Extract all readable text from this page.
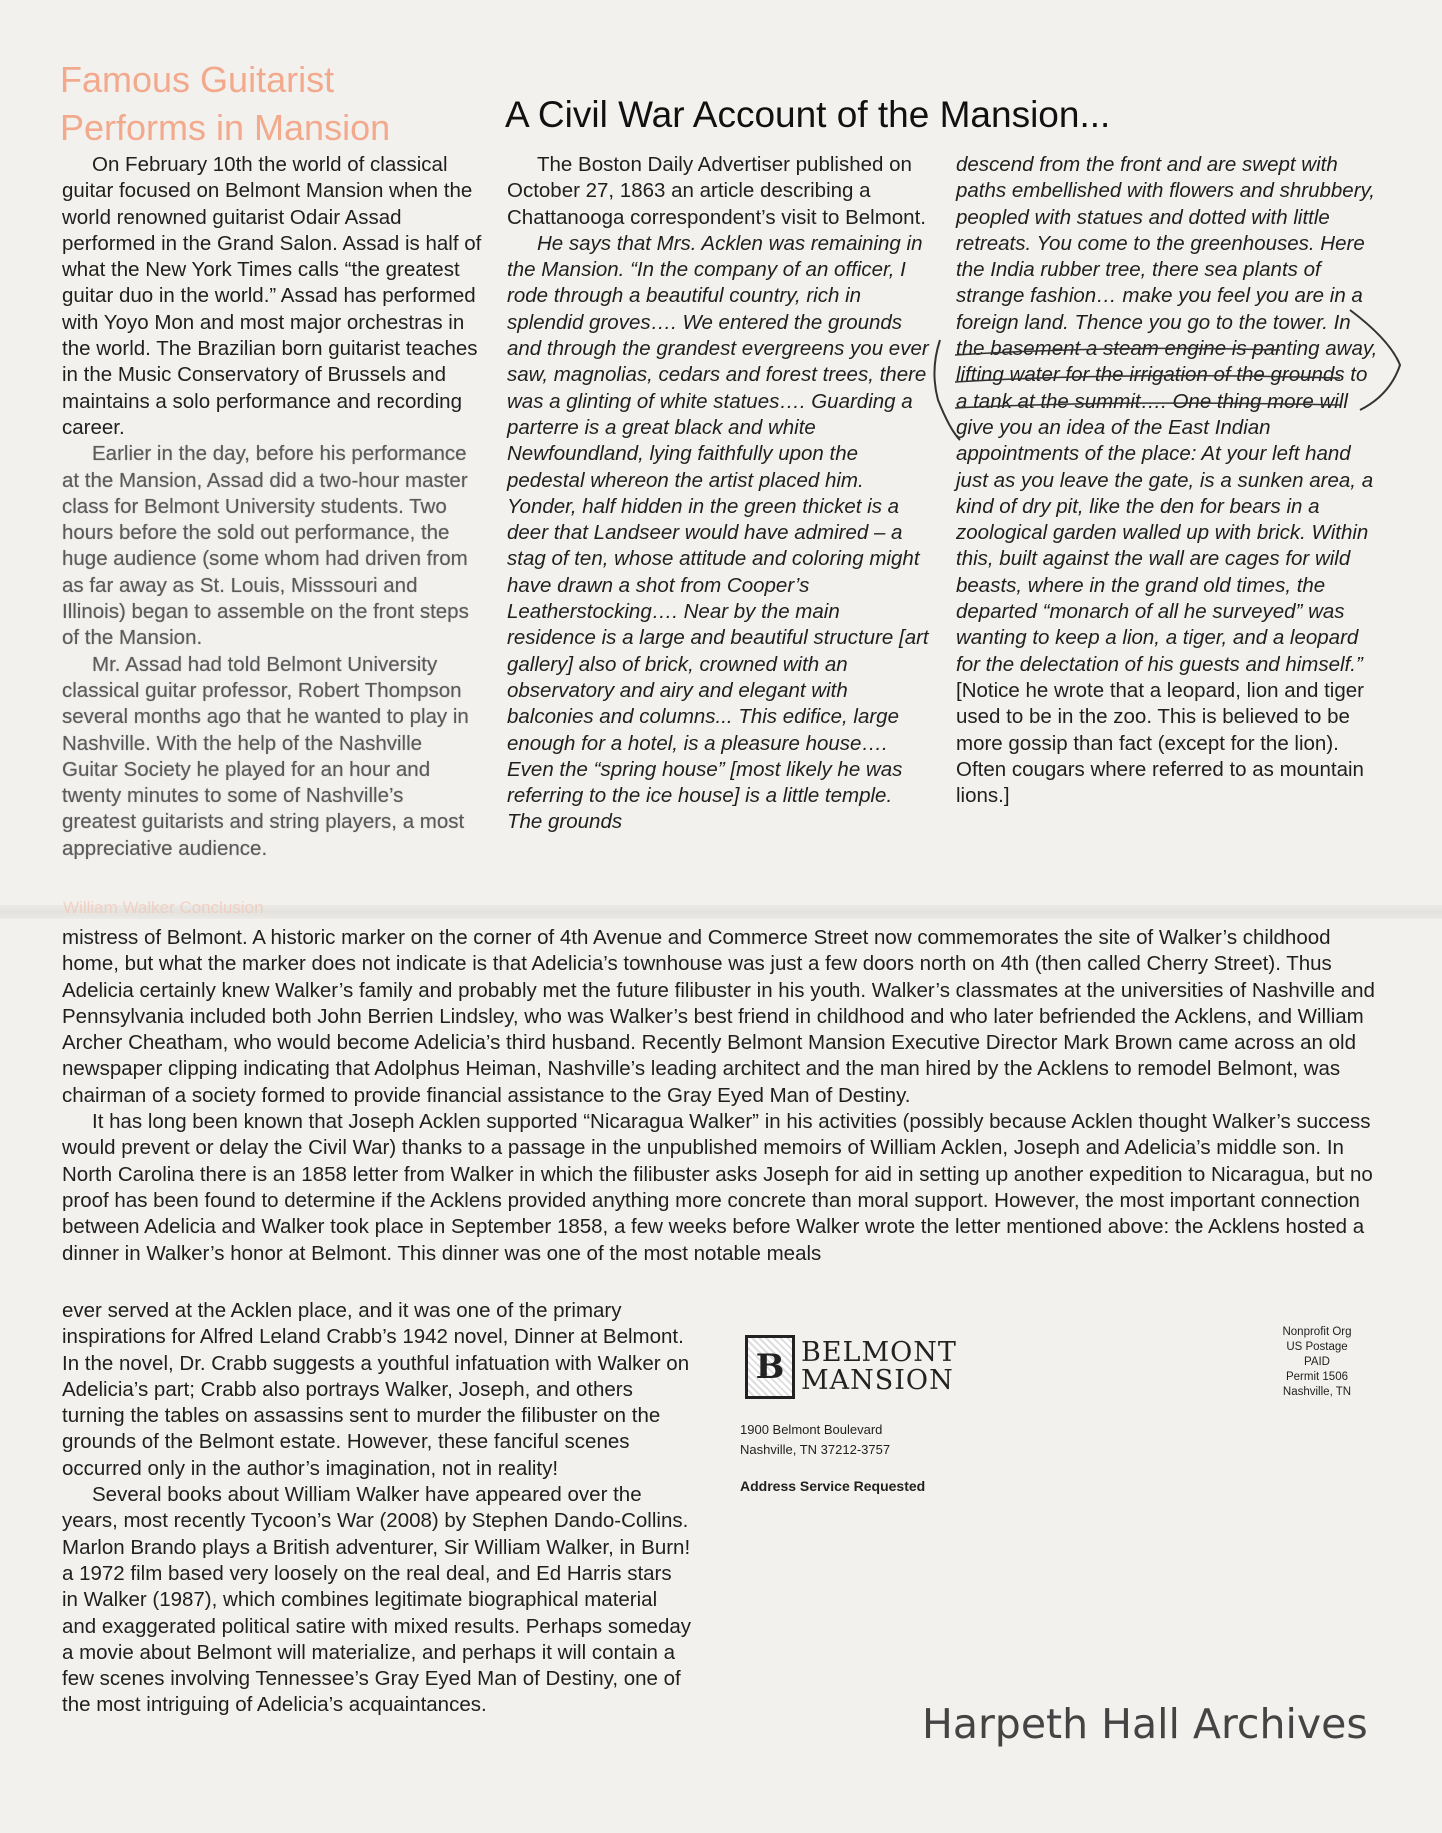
Famous Guitarist
Performs in Mansion

On February 10th the world of classical guitar focused on Belmont Mansion when the world renowned guitarist Odair Assad performed in the Grand Salon. Assad is half of what the New York Times calls “the greatest guitar duo in the world.” Assad has performed with Yoyo Mon and most major orchestras in the world. The Brazilian born guitarist teaches in the Music Conservatory of Brussels and maintains a solo performance and recording career.

Earlier in the day, before his performance at the Mansion, Assad did a two-hour master class for Belmont University students. Two hours before the sold out performance, the huge audience (some whom had driven from as far away as St. Louis, Misssouri and Illinois) began to assemble on the front steps of the Mansion.

Mr. Assad had told Belmont University classical guitar professor, Robert Thompson several months ago that he wanted to play in Nashville. With the help of the Nashville Guitar Society he played for an hour and twenty minutes to some of Nashville’s greatest guitarists and string players, a most appreciative audience.

A Civil War Account of the Mansion...

The Boston Daily Advertiser published on October 27, 1863 an article describing a Chattanooga correspondent’s visit to Belmont.

He says that Mrs. Acklen was remaining in the Mansion. “In the company of an officer, I rode through a beautiful country, rich in splendid groves…. We entered the grounds and through the grandest evergreens you ever saw, magnolias, cedars and forest trees, there was a glinting of white statues…. Guarding a parterre is a great black and white Newfoundland, lying faithfully upon the pedestal whereon the artist placed him. Yonder, half hidden in the green thicket is a deer that Landseer would have admired – a stag of ten, whose attitude and coloring might have drawn a shot from Cooper’s Leatherstocking…. Near by the main residence is a large and beautiful structure [art gallery] also of brick, crowned with an observatory and airy and elegant with balconies and columns... This edifice, large enough for a hotel, is a pleasure house…. Even the “spring house” [most likely he was referring to the ice house] is a little temple. The grounds

descend from the front and are swept with paths embellished with flowers and shrubbery, peopled with statues and dotted with little retreats. You come to the greenhouses. Here the India rubber tree, there sea plants of strange fashion… make you feel you are in a foreign land. Thence you go to the tower. In the basement a steam engine is panting away, lifting water for the irrigation of the grounds to a tank at the summit…. One thing more will give you an idea of the East Indian appointments of the place: At your left hand just as you leave the gate, is a sunken area, a kind of dry pit, like the den for bears in a zoological garden walled up with brick. Within this, built against the wall are cages for wild beasts, where in the grand old times, the departed “monarch of all he surveyed” was wanting to keep a lion, a tiger, and a leopard for the delectation of his guests and himself.”

[Notice he wrote that a leopard, lion and tiger used to be in the zoo. This is believed to be more gossip than fact (except for the lion). Often cougars where referred to as mountain lions.]

William Walker Conclusion

mistress of Belmont. A historic marker on the corner of 4th Avenue and Commerce Street now commemorates the site of Walker’s childhood home, but what the marker does not indicate is that Adelicia’s townhouse was just a few doors north on 4th (then called Cherry Street). Thus Adelicia certainly knew Walker’s family and probably met the future filibuster in his youth. Walker’s classmates at the universities of Nashville and Pennsylvania included both John Berrien Lindsley, who was Walker’s best friend in childhood and who later befriended the Acklens, and William Archer Cheatham, who would become Adelicia’s third husband. Recently Belmont Mansion Executive Director Mark Brown came across an old newspaper clipping indicating that Adolphus Heiman, Nashville’s leading architect and the man hired by the Acklens to remodel Belmont, was chairman of a society formed to provide financial assistance to the Gray Eyed Man of Destiny.

It has long been known that Joseph Acklen supported “Nicaragua Walker” in his activities (possibly because Acklen thought Walker’s success would prevent or delay the Civil War) thanks to a passage in the unpublished memoirs of William Acklen, Joseph and Adelicia’s middle son. In North Carolina there is an 1858 letter from Walker in which the filibuster asks Joseph for aid in setting up another expedition to Nicaragua, but no proof has been found to determine if the Acklens provided anything more concrete than moral support. However, the most important connection between Adelicia and Walker took place in September 1858, a few weeks before Walker wrote the letter mentioned above: the Acklens hosted a dinner in Walker’s honor at Belmont. This dinner was one of the most notable meals

ever served at the Acklen place, and it was one of the primary inspirations for Alfred Leland Crabb’s 1942 novel, Dinner at Belmont. In the novel, Dr. Crabb suggests a youthful infatuation with Walker on Adelicia’s part; Crabb also portrays Walker, Joseph, and others turning the tables on assassins sent to murder the filibuster on the grounds of the Belmont estate. However, these fanciful scenes occurred only in the author’s imagination, not in reality!

Several books about William Walker have appeared over the years, most recently Tycoon’s War (2008) by Stephen Dando-Collins. Marlon Brando plays a British adventurer, Sir William Walker, in Burn! a 1972 film based very loosely on the real deal, and Ed Harris stars in Walker (1987), which combines legitimate biographical material and exaggerated political satire with mixed results. Perhaps someday a movie about Belmont will materialize, and perhaps it will contain a few scenes involving Tennessee’s Gray Eyed Man of Destiny, one of the most intriguing of Adelicia’s acquaintances.

B BELMONT
MANSION
1900 Belmont Boulevard
Nashville, TN 37212-3757
Address Service Requested
Nonprofit Org
US Postage
PAID
Permit 1506
Nashville, TN
Harpeth Hall Archives
